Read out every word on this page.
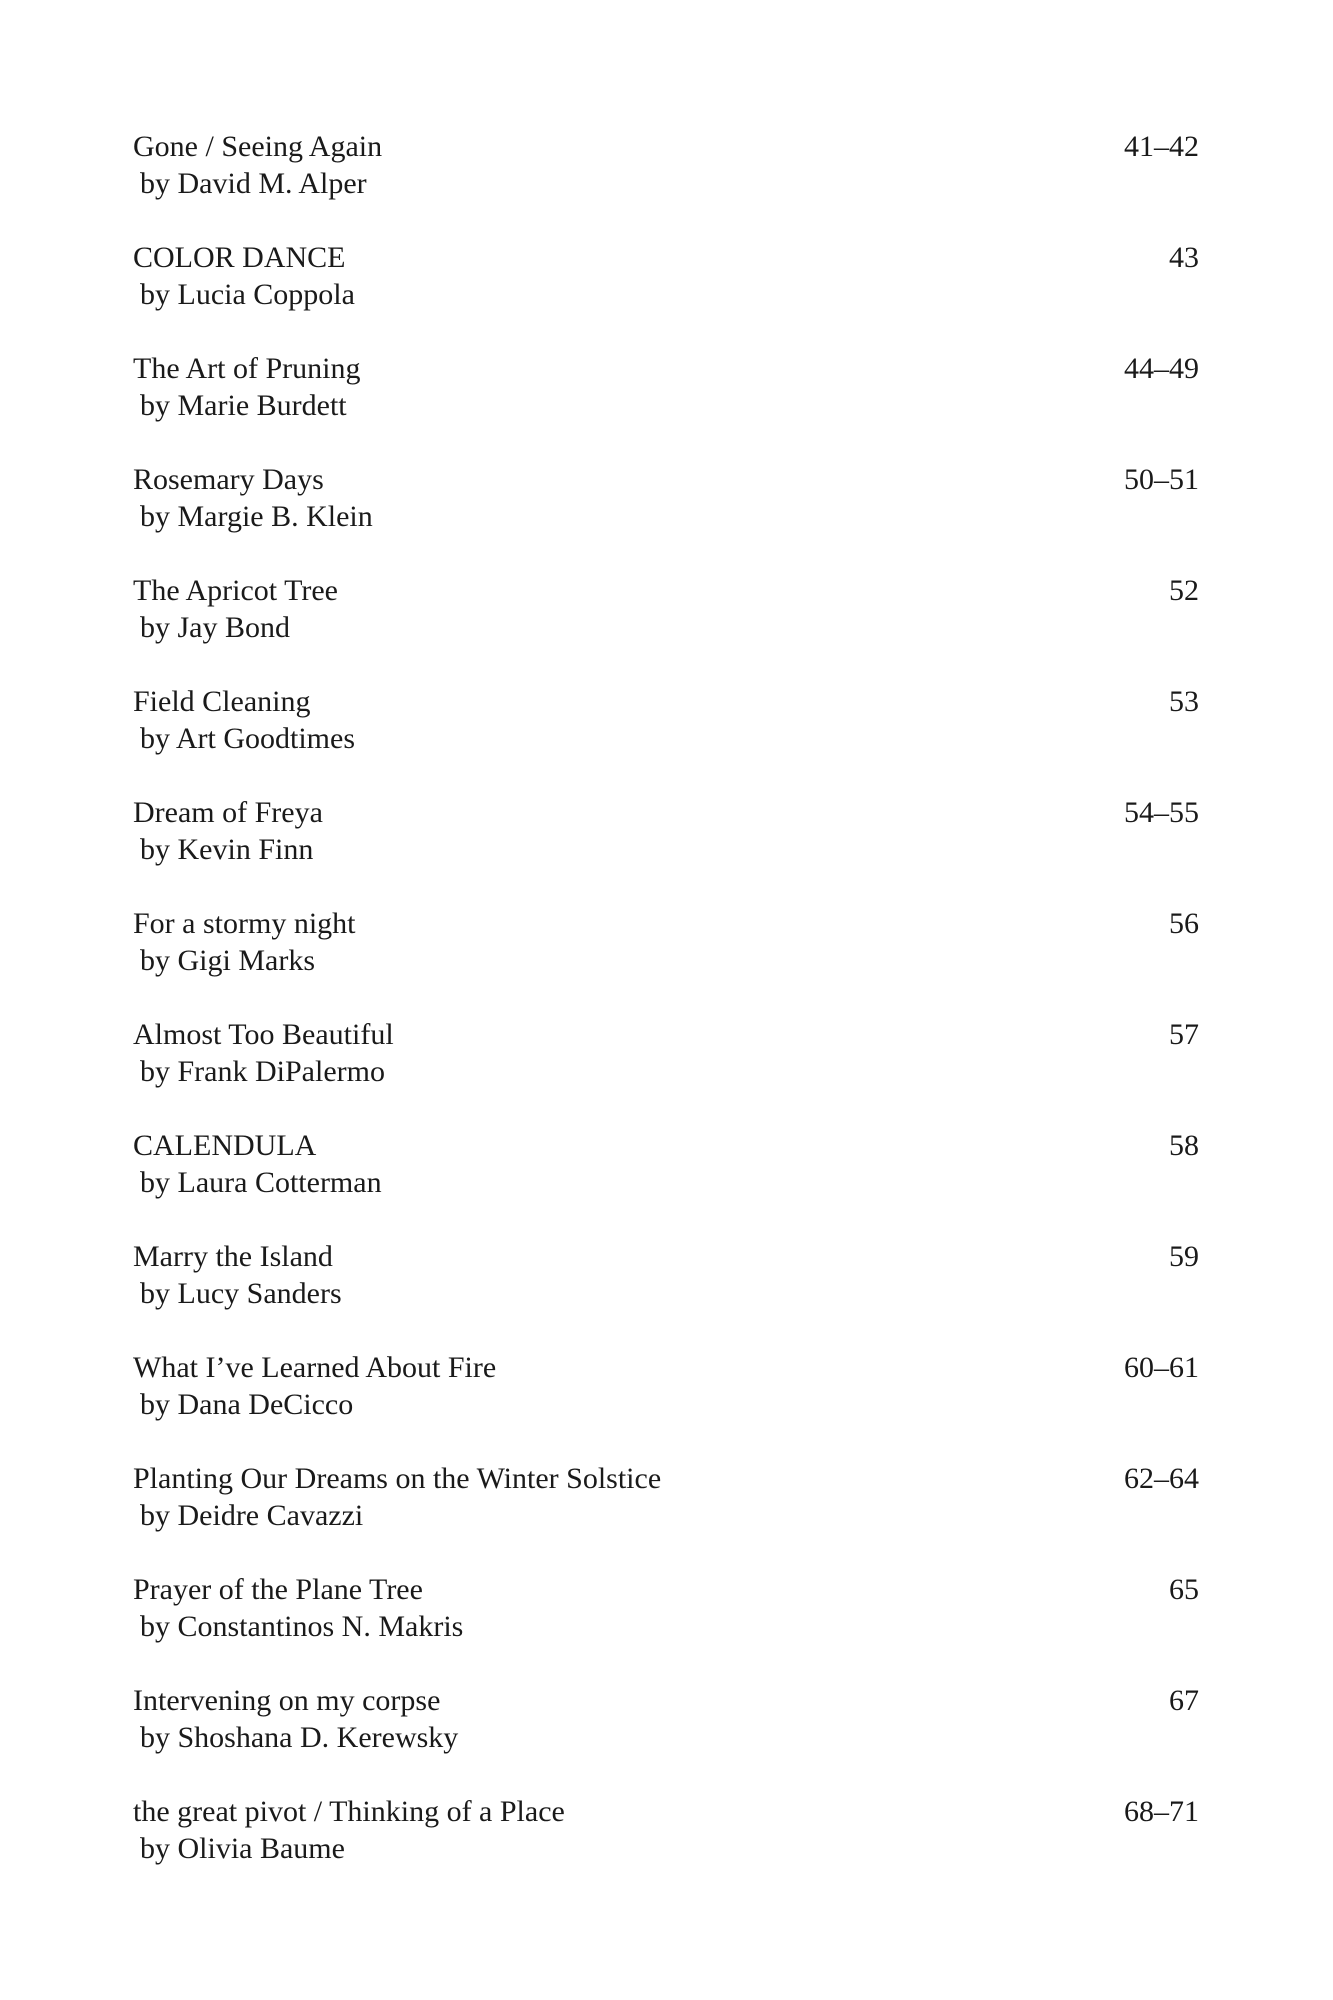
Gone / Seeing Again
by David M. Alper
41–42
COLOR DANCE
by Lucia Coppola
43
The Art of Pruning
by Marie Burdett
44–49
Rosemary Days
by Margie B. Klein
50–51
The Apricot Tree
by Jay Bond
52
Field Cleaning
by Art Goodtimes
53
Dream of Freya
by Kevin Finn
54–55
For a stormy night
by Gigi Marks
56
Almost Too Beautiful
by Frank DiPalermo
57
CALENDULA
by Laura Cotterman
58
Marry the Island
by Lucy Sanders
59
What I’ve Learned About Fire
by Dana DeCicco
60–61
Planting Our Dreams on the Winter Solstice
by Deidre Cavazzi
62–64
Prayer of the Plane Tree
by Constantinos N. Makris
65
Intervening on my corpse
by Shoshana D. Kerewsky
67
the great pivot / Thinking of a Place
by Olivia Baume
68–71
